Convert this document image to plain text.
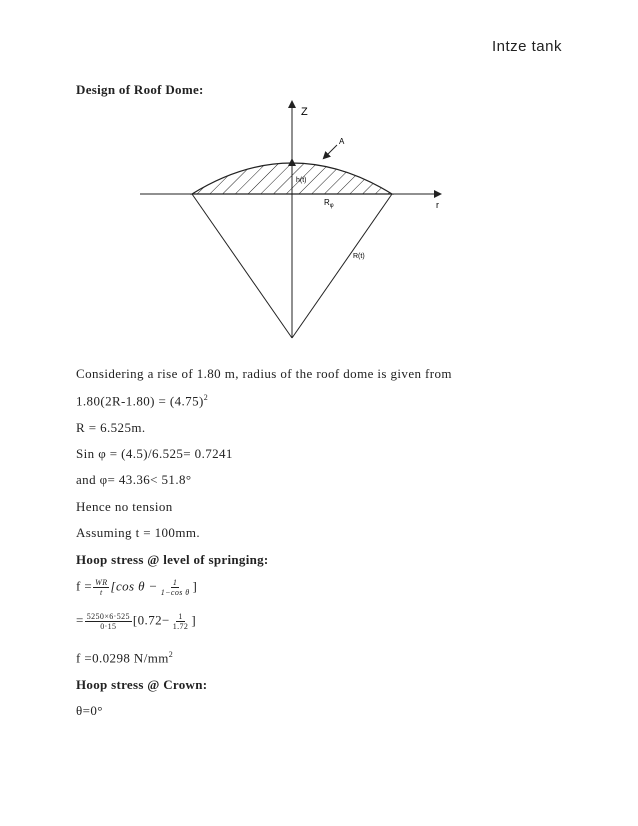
Intze tank
Design of Roof Dome:
Z
r
A
h(t)
$R_\varphi$
R(t)
Considering a rise of 1.80 m, radius of the roof dome is given from
$1.80(2R-1.80) = (4.75)^2$
R = 6.525m.
Sin φ = (4.5)/6.525= 0.7241
and φ= 43.36< 51.8°
Hence no tension
Assuming t = 100mm.
Hoop stress @ level of springing:
$f = \frac{WR}{t} [\cos$ $\theta - \frac{1}{\text{1−cos θ}}$ ]
= $\frac{5250\times 6\cdot 525}{0\cdot 15} [0.72- \frac{1}{1.72}$ ]
f =0.0298 $N/mm^2$
Hoop stress @ Crown:
θ=0°
